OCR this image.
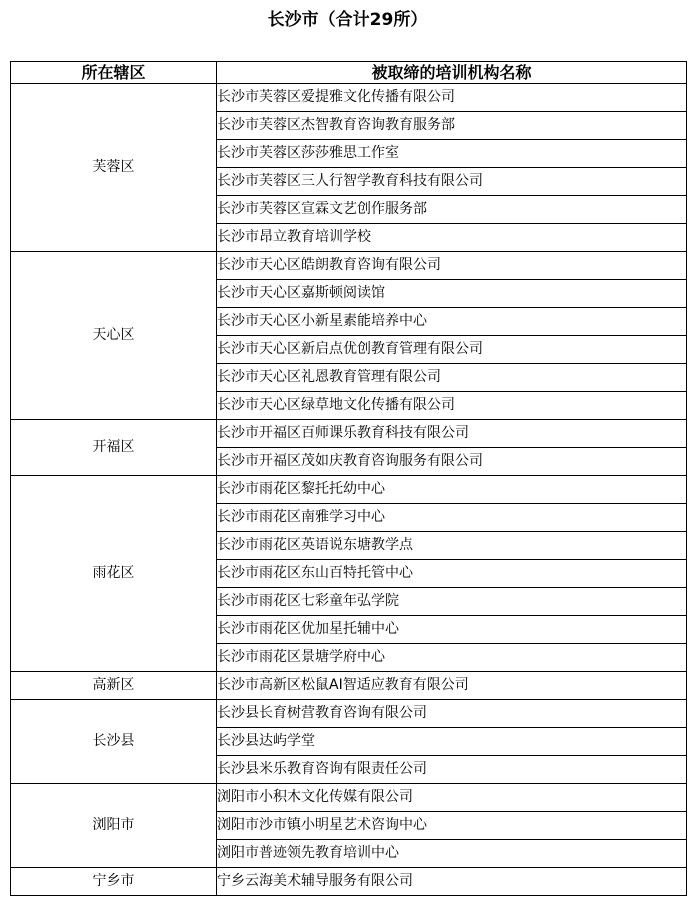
长沙市（合计29所）
所在辖区	被取缔的培训机构名称
芙蓉区	长沙市芙蓉区爱提雅文化传播有限公司
	长沙市芙蓉区杰智教育咨询教育服务部
	长沙市芙蓉区莎莎雅思工作室
	长沙市芙蓉区三人行智学教育科技有限公司
	长沙市芙蓉区宣霖文艺创作服务部
	长沙市昂立教育培训学校
天心区	长沙市天心区皓朗教育咨询有限公司
	长沙市天心区嘉斯顿阅读馆
	长沙市天心区小新星素能培养中心
	长沙市天心区新启点优创教育管理有限公司
	长沙市天心区礼恩教育管理有限公司
	长沙市天心区绿草地文化传播有限公司
开福区	长沙市开福区百师课乐教育科技有限公司
	长沙市开福区茂如庆教育咨询服务有限公司
雨花区	长沙市雨花区黎托托幼中心
	长沙市雨花区南雅学习中心
	长沙市雨花区英语说东塘教学点
	长沙市雨花区东山百特托管中心
	长沙市雨花区七彩童年弘学院
	长沙市雨花区优加星托辅中心
	长沙市雨花区景塘学府中心
高新区	长沙市高新区松鼠AI智适应教育有限公司
长沙县	长沙县长育树营教育咨询有限公司
	长沙县达屿学堂
	长沙县米乐教育咨询有限责任公司
浏阳市	浏阳市小积木文化传媒有限公司
	浏阳市沙市镇小明星艺术咨询中心
	浏阳市普迹领先教育培训中心
宁乡市	宁乡云海美术辅导服务有限公司
